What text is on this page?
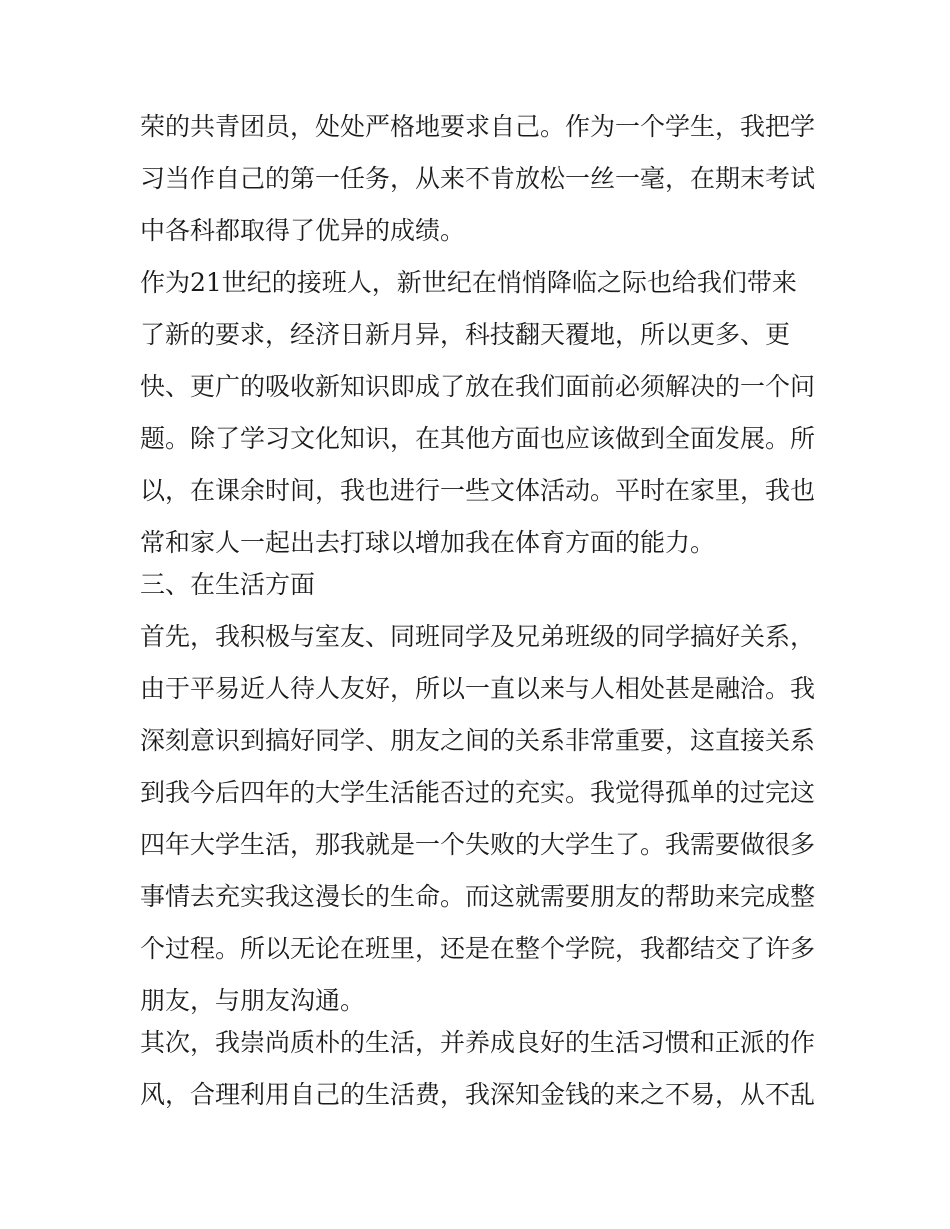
荣的共青团员，处处严格地要求自己。作为一个学生，我把学
习当作自己的第一任务，从来不肯放松一丝一毫，在期末考试
中各科都取得了优异的成绩。
作为21世纪的接班人，新世纪在悄悄降临之际也给我们带来
了新的要求，经济日新月异，科技翻天覆地，所以更多、更
快、更广的吸收新知识即成了放在我们面前必须解决的一个问
题。除了学习文化知识，在其他方面也应该做到全面发展。所
以，在课余时间，我也进行一些文体活动。平时在家里，我也
常和家人一起出去打球以增加我在体育方面的能力。
三、在生活方面
首先，我积极与室友、同班同学及兄弟班级的同学搞好关系，
由于平易近人待人友好，所以一直以来与人相处甚是融洽。我
深刻意识到搞好同学、朋友之间的关系非常重要，这直接关系
到我今后四年的大学生活能否过的充实。我觉得孤单的过完这
四年大学生活，那我就是一个失败的大学生了。我需要做很多
事情去充实我这漫长的生命。而这就需要朋友的帮助来完成整
个过程。所以无论在班里，还是在整个学院，我都结交了许多
朋友，与朋友沟通。
其次，我崇尚质朴的生活，并养成良好的生活习惯和正派的作
风，合理利用自己的生活费，我深知金钱的来之不易，从不乱
